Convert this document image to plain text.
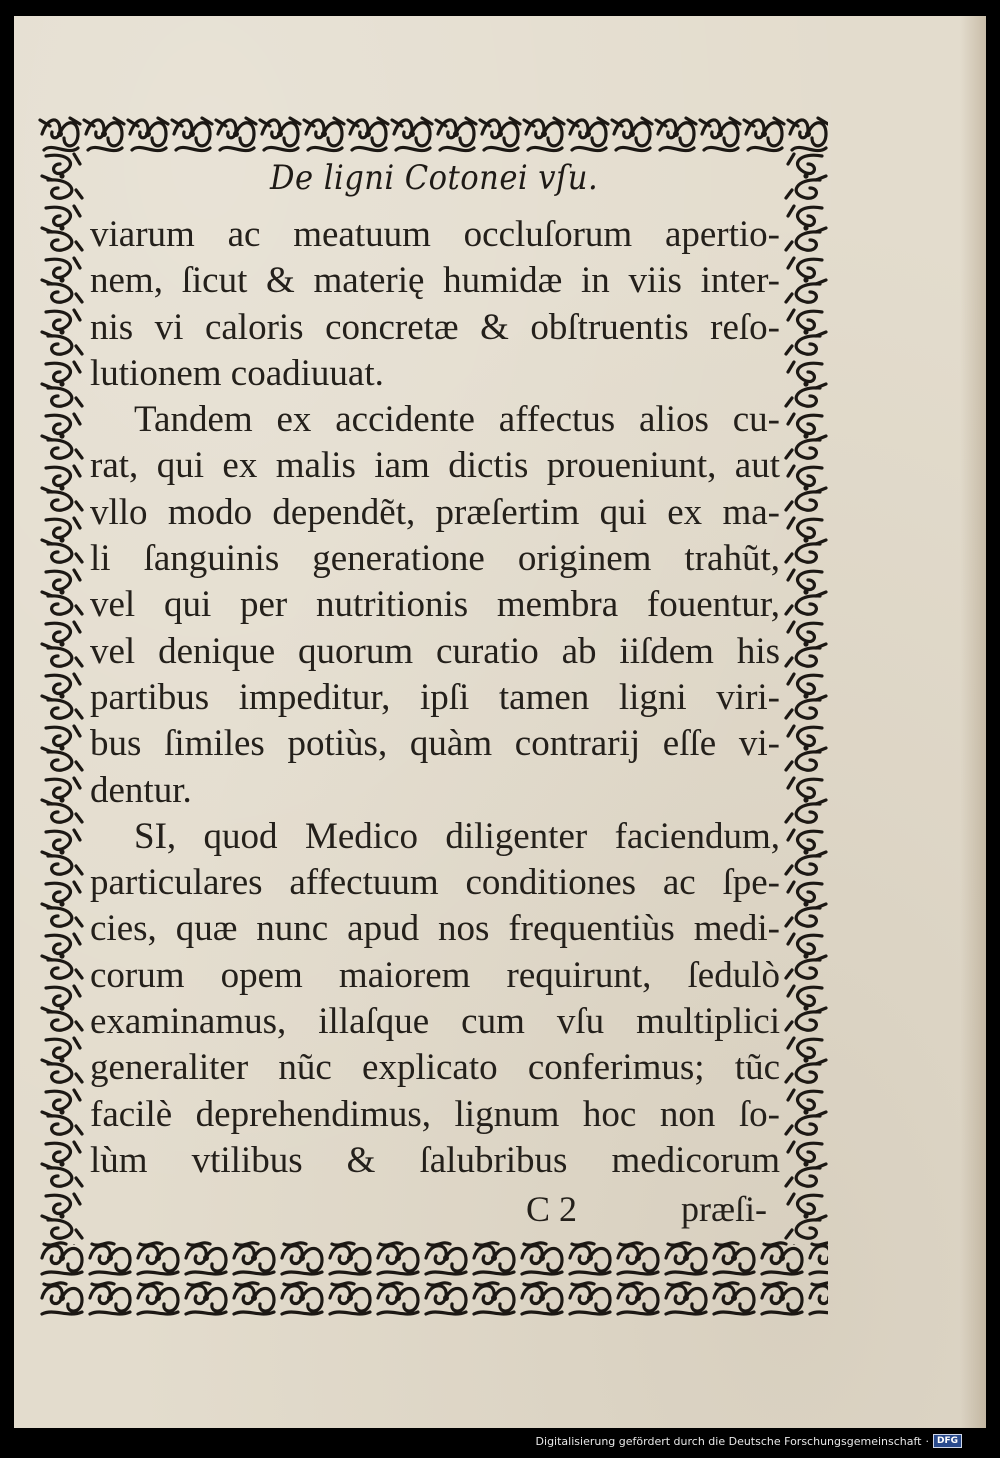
De ligni Cotonei vſu.
viarum ac meatuum occluſorum apertio-
nem, ſicut & materię humidæ in viis inter-
nis vi caloris concretæ & obſtruentis reſo-
lutionem coadiuuat.
Tandem ex accidente affectus alios cu-
rat, qui ex malis iam dictis proueniunt, aut
vllo modo dependẽt, præſertim qui ex ma-
li ſanguinis generatione originem trahũt,
vel qui per nutritionis membra fouentur,
vel denique quorum curatio ab iiſdem his
partibus impeditur, ipſi tamen ligni viri-
bus ſimiles potiùs, quàm contrarij eſſe vi-
dentur.
SI, quod Medico diligenter faciendum,
particulares affectuum conditiones ac ſpe-
cies, quæ nunc apud nos frequentiùs medi-
corum opem maiorem requirunt, ſedulò
examinamus, illaſque cum vſu multiplici
generaliter nũc explicato conferimus; tũc
facilè deprehendimus, lignum hoc non ſo-
lùm vtilibus & ſalubribus medicorum
C 2	præſi-
Digitalisierung gefördert durch die Deutsche Forschungsgemeinschaft · DFG
